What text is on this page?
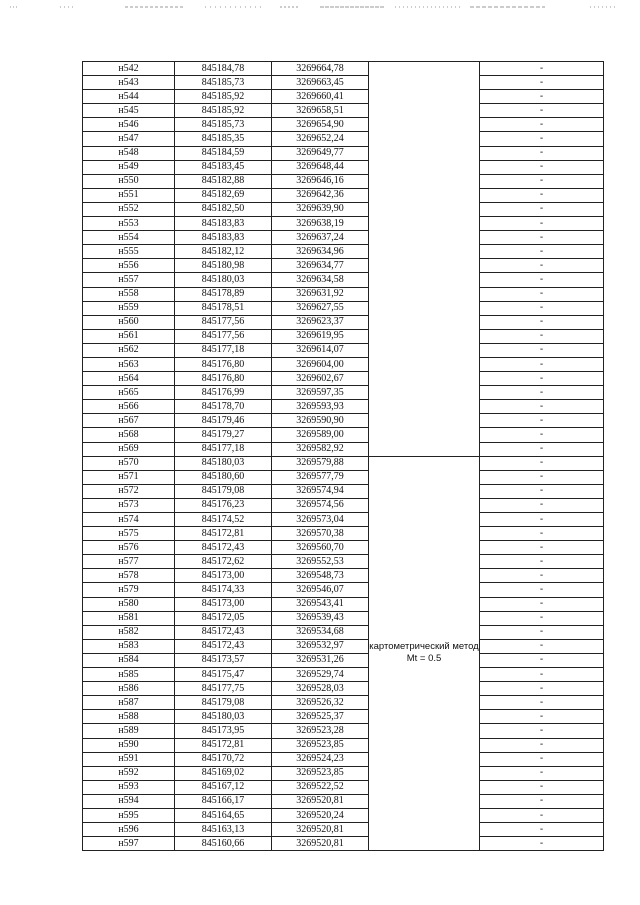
н542	845184,78	3269664,78		-
н543	845185,73	3269663,45		-
н544	845185,92	3269660,41		-
н545	845185,92	3269658,51		-
н546	845185,73	3269654,90		-
н547	845185,35	3269652,24		-
н548	845184,59	3269649,77		-
н549	845183,45	3269648,44		-
н550	845182,88	3269646,16		-
н551	845182,69	3269642,36		-
н552	845182,50	3269639,90		-
н553	845183,83	3269638,19		-
н554	845183,83	3269637,24		-
н555	845182,12	3269634,96		-
н556	845180,98	3269634,77		-
н557	845180,03	3269634,58		-
н558	845178,89	3269631,92		-
н559	845178,51	3269627,55		-
н560	845177,56	3269623,37		-
н561	845177,56	3269619,95		-
н562	845177,18	3269614,07		-
н563	845176,80	3269604,00		-
н564	845176,80	3269602,67		-
н565	845176,99	3269597,35		-
н566	845178,70	3269593,93		-
н567	845179,46	3269590,90		-
н568	845179,27	3269589,00		-
н569	845177,18	3269582,92		-
н570	845180,03	3269579,88	картометрический метод Mt = 0.5	-
н571	845180,60	3269577,79		-
н572	845179,08	3269574,94		-
н573	845176,23	3269574,56		-
н574	845174,52	3269573,04		-
н575	845172,81	3269570,38		-
н576	845172,43	3269560,70		-
н577	845172,62	3269552,53		-
н578	845173,00	3269548,73		-
н579	845174,33	3269546,07		-
н580	845173,00	3269543,41		-
н581	845172,05	3269539,43		-
н582	845172,43	3269534,68		-
н583	845172,43	3269532,97		-
н584	845173,57	3269531,26		-
н585	845175,47	3269529,74		-
н586	845177,75	3269528,03		-
н587	845179,08	3269526,32		-
н588	845180,03	3269525,37		-
н589	845173,95	3269523,28		-
н590	845172,81	3269523,85		-
н591	845170,72	3269524,23		-
н592	845169,02	3269523,85		-
н593	845167,12	3269522,52		-
н594	845166,17	3269520,81		-
н595	845164,65	3269520,24		-
н596	845163,13	3269520,81		-
н597	845160,66	3269520,81		-
